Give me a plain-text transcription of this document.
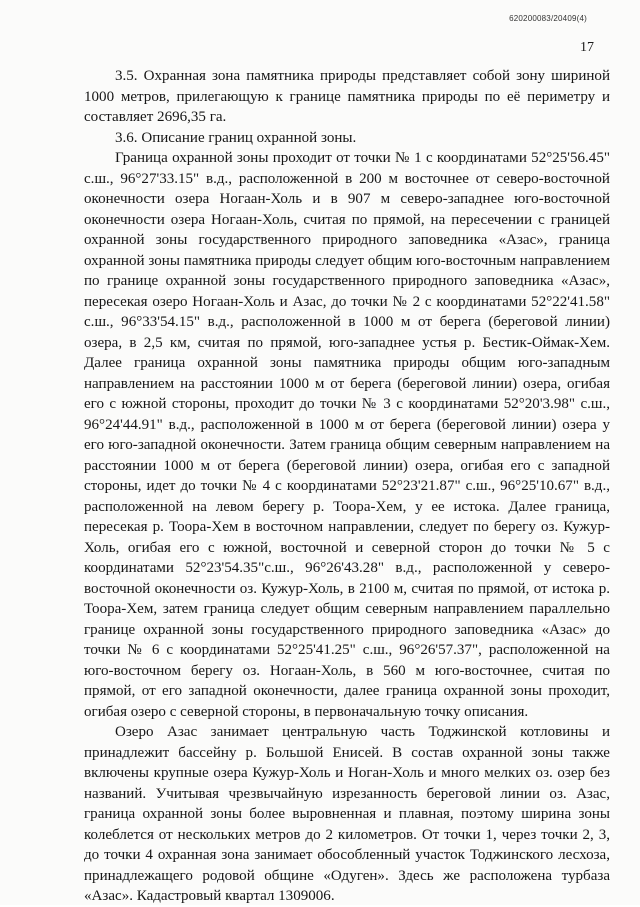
620200083/20409(4)
17

3.5. Охранная зона памятника природы представляет собой зону шириной 1000 метров, прилегающую к границе памятника природы по её периметру и составляет 2696,35 га.

3.6. Описание границ охранной зоны.

Граница охранной зоны проходит от точки № 1 с координатами 52°25'56.45" с.ш., 96°27'33.15" в.д., расположенной в 200 м восточнее от северо-восточной оконечности озера Ногаан-Холь и в 907 м северо-западнее юго-восточной оконечности озера Ногаан-Холь, считая по прямой, на пересечении с границей охранной зоны государственного природного заповедника «Азас», граница охранной зоны памятника природы следует общим юго-восточным направлением по границе охранной зоны государственного природного заповедника «Азас», пересекая озеро Ногаан-Холь и Азас, до точки № 2 с координатами 52°22'41.58" с.ш., 96°33'54.15" в.д., расположенной в 1000 м от берега (береговой линии) озера, в 2,5 км, считая по прямой, юго-западнее устья р. Бестик-Оймак-Хем. Далее граница охранной зоны памятника природы общим юго-западным направлением на расстоянии 1000 м от берега (береговой линии) озера, огибая его с южной стороны, проходит до точки № 3 с координатами 52°20'3.98" с.ш., 96°24'44.91" в.д., расположенной в 1000 м от берега (береговой линии) озера у его юго-западной оконечности. Затем граница общим северным направлением на расстоянии 1000 м от берега (береговой линии) озера, огибая его с западной стороны, идет до точки № 4 с координатами 52°23'21.87" с.ш., 96°25'10.67" в.д., расположенной на левом берегу р. Тоора-Хем, у ее истока. Далее граница, пересекая р. Тоора-Хем в восточном направлении, следует по берегу оз. Кужур-Холь, огибая его с южной, восточной и северной сторон до точки № 5 с координатами 52°23'54.35"с.ш., 96°26'43.28" в.д., расположенной у северо-восточной оконечности оз. Кужур-Холь, в 2100 м, считая по прямой, от истока р. Тоора-Хем, затем граница следует общим северным направлением параллельно границе охранной зоны государственного природного заповедника «Азас» до точки № 6 с координатами 52°25'41.25" с.ш., 96°26'57.37", расположенной на юго-восточном берегу оз. Ногаан-Холь, в 560 м юго-восточнее, считая по прямой, от его западной оконечности, далее граница охранной зоны проходит, огибая озеро с северной стороны, в первоначальную точку описания.

Озеро Азас занимает центральную часть Тоджинской котловины и принадлежит бассейну р. Большой Енисей. В состав охранной зоны также включены крупные озера Кужур-Холь и Ноган-Холь и много мелких оз. озер без названий. Учитывая чрезвычайную изрезанность береговой линии оз. Азас, граница охранной зоны более выровненная и плавная, поэтому ширина зоны колеблется от нескольких метров до 2 километров. От точки 1, через точки 2, 3, до точки 4 охранная зона занимает обособленный участок Тоджинского лесхоза, принадлежащего родовой общине «Одуген». Здесь же расположена турбаза «Азас». Кадастровый квартал 1309006.
